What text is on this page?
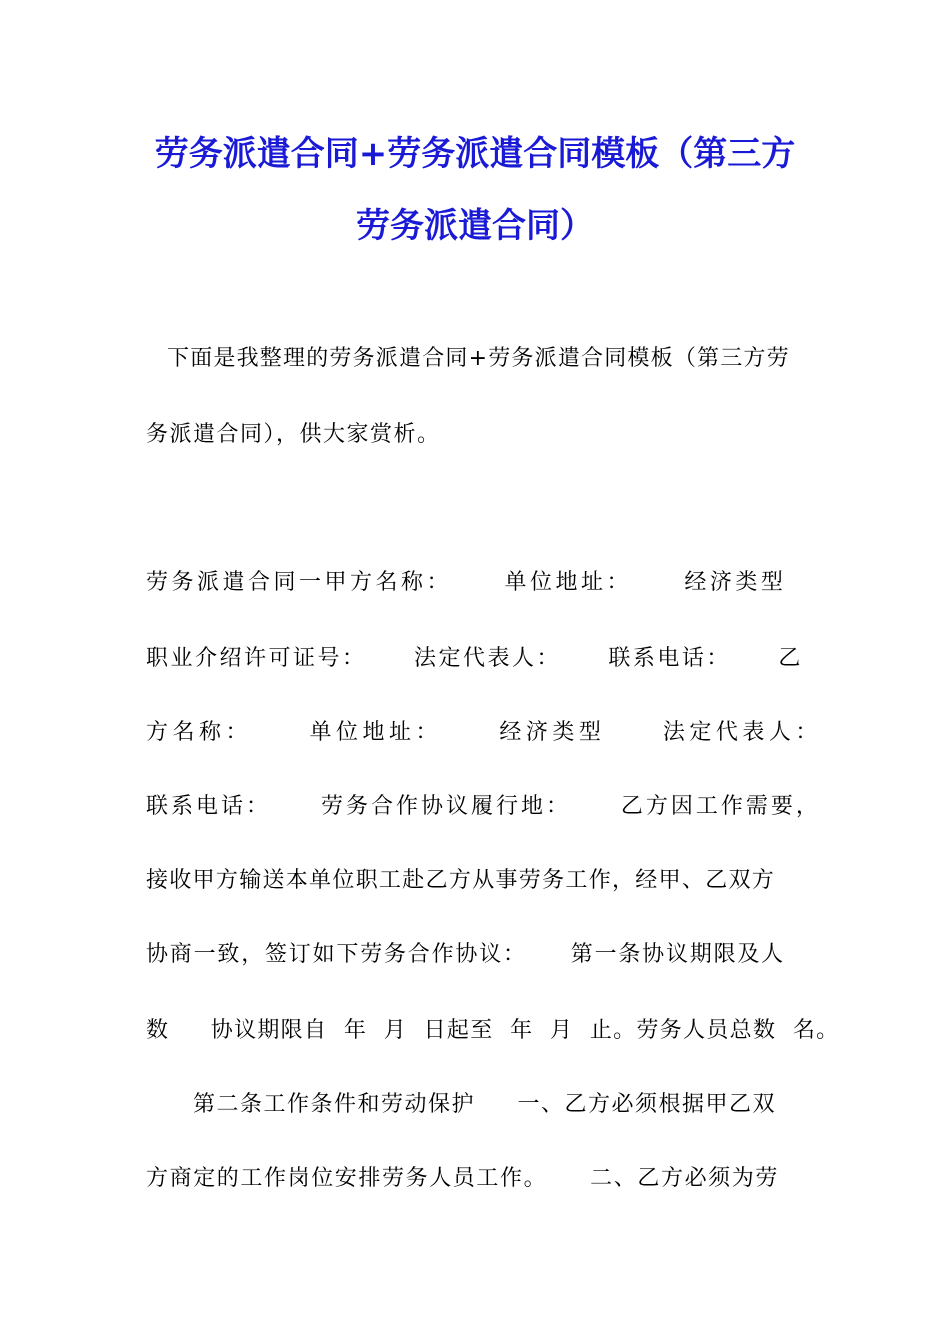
劳务派遣合同+劳务派遣合同模板（第三方
劳务派遣合同）
下面是我整理的劳务派遣合同+劳务派遣合同模板（第三方劳
务派遣合同），供大家赏析。
劳务派遣合同一甲方名称：     单位地址：     经济类型
职业介绍许可证号：     法定代表人：     联系电话：     乙
方名称：     单位地址：     经济类型     法定代表人：
联系电话：     劳务合作协议履行地：     乙方因工作需要，
接收甲方输送本单位职工赴乙方从事劳务工作，经甲、乙双方
协商一致，签订如下劳务合作协议：     第一条协议期限及人
数     协议期限自  年  月  日起至  年  月  止。劳务人员总数  名。
第二条工作条件和劳动保护     一、乙方必须根据甲乙双
方商定的工作岗位安排劳务人员工作。     二、乙方必须为劳
